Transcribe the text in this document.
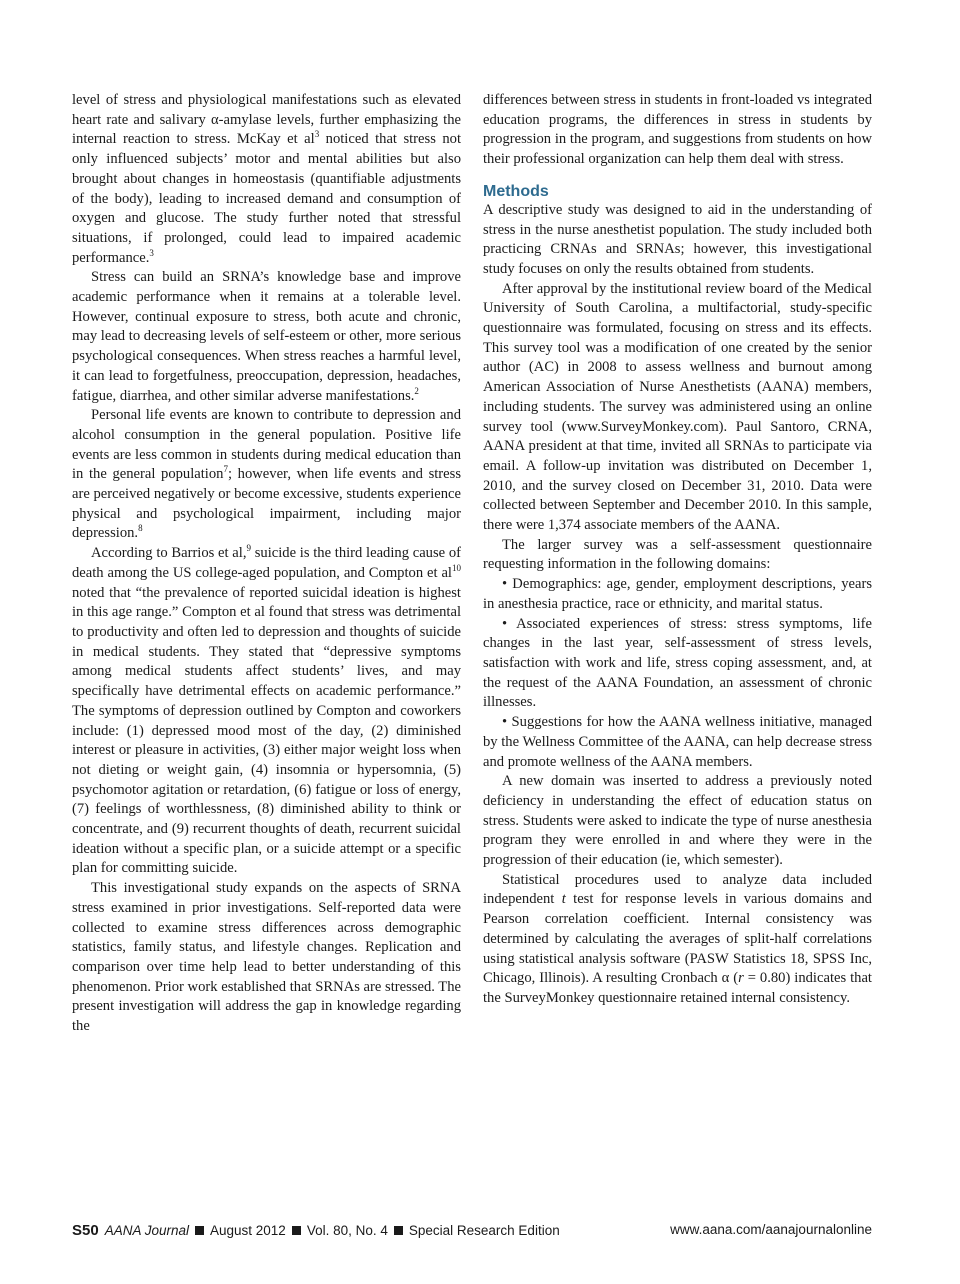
level of stress and physiological manifestations such as elevated heart rate and salivary α-amylase levels, further emphasizing the internal reaction to stress. McKay et $al^3$ noticed that stress not only influenced subjects’ motor and mental abilities but also brought about changes in homeostasis (quantifiable adjustments of the body), leading to increased demand and consumption of oxygen and glucose. The study further noted that stressful situations, if prolonged, could lead to impaired academic performance.$^3$

Stress can build an SRNA’s knowledge base and improve academic performance when it remains at a tolerable level. However, continual exposure to stress, both acute and chronic, may lead to decreasing levels of self-esteem or other, more serious psychological consequences. When stress reaches a harmful level, it can lead to forgetfulness, preoccupation, depression, headaches, fatigue, diarrhea, and other similar adverse manifestations.$^2$

Personal life events are known to contribute to depression and alcohol consumption in the general population. Positive life events are less common in students during medical education than in the general population$^7$; however, when life events and stress are perceived negatively or become excessive, students experience physical and psychological impairment, including major depression.$^8$

According to Barrios et al,$^9$ suicide is the third leading cause of death among the US college-aged population, and Compton et $al^{10}$ noted that “the prevalence of reported suicidal ideation is highest in this age range.” Compton et al found that stress was detrimental to productivity and often led to depression and thoughts of suicide in medical students. They stated that “depressive symptoms among medical students affect students’ lives, and may specifically have detrimental effects on academic performance.” The symptoms of depression outlined by Compton and coworkers include: (1) depressed mood most of the day, (2) diminished interest or pleasure in activities, (3) either major weight loss when not dieting or weight gain, (4) insomnia or hypersomnia, (5) psychomotor agitation or retardation, (6) fatigue or loss of energy, (7) feelings of worthlessness, (8) diminished ability to think or concentrate, and (9) recurrent thoughts of death, recurrent suicidal ideation without a specific plan, or a suicide attempt or a specific plan for committing suicide.

This investigational study expands on the aspects of SRNA stress examined in prior investigations. Self-reported data were collected to examine stress differences across demographic statistics, family status, and lifestyle changes. Replication and comparison over time help lead to better understanding of this phenomenon. Prior work established that SRNAs are stressed. The present investigation will address the gap in knowledge regarding the

differences between stress in students in front-loaded vs integrated education programs, the differences in stress in students by progression in the program, and suggestions from students on how their professional organization can help them deal with stress.

Methods

A descriptive study was designed to aid in the understanding of stress in the nurse anesthetist population. The study included both practicing CRNAs and SRNAs; however, this investigational study focuses on only the results obtained from students.

After approval by the institutional review board of the Medical University of South Carolina, a multifactorial, study-specific questionnaire was formulated, focusing on stress and its effects. This survey tool was a modification of one created by the senior author (AC) in 2008 to assess wellness and burnout among American Association of Nurse Anesthetists (AANA) members, including students. The survey was administered using an online survey tool (www.SurveyMonkey.com). Paul Santoro, CRNA, AANA president at that time, invited all SRNAs to participate via email. A follow-up invitation was distributed on December 1, 2010, and the survey closed on December 31, 2010. Data were collected between September and December 2010. In this sample, there were 1,374 associate members of the AANA.

The larger survey was a self-assessment questionnaire requesting information in the following domains:

• Demographics: age, gender, employment descriptions, years in anesthesia practice, race or ethnicity, and marital status.

• Associated experiences of stress: stress symptoms, life changes in the last year, self-assessment of stress levels, satisfaction with work and life, stress coping assessment, and, at the request of the AANA Foundation, an assessment of chronic illnesses.

• Suggestions for how the AANA wellness initiative, managed by the Wellness Committee of the AANA, can help decrease stress and promote wellness of the AANA members.

A new domain was inserted to address a previously noted deficiency in understanding the effect of education status on stress. Students were asked to indicate the type of nurse anesthesia program they were enrolled in and where they were in the progression of their education (ie, which semester).

Statistical procedures used to analyze data included independent t test for response levels in various domains and Pearson correlation coefficient. Internal consistency was determined by calculating the averages of split-half correlations using statistical analysis software (PASW Statistics 18, SPSS Inc, Chicago, Illinois). A resulting Cronbach α (r = 0.80) indicates that the SurveyMonkey questionnaire retained internal consistency.

S50 AANA Journal August 2012 Vol. 80, No. 4 Special Research Edition	www.aana.com/aanajournalonline
